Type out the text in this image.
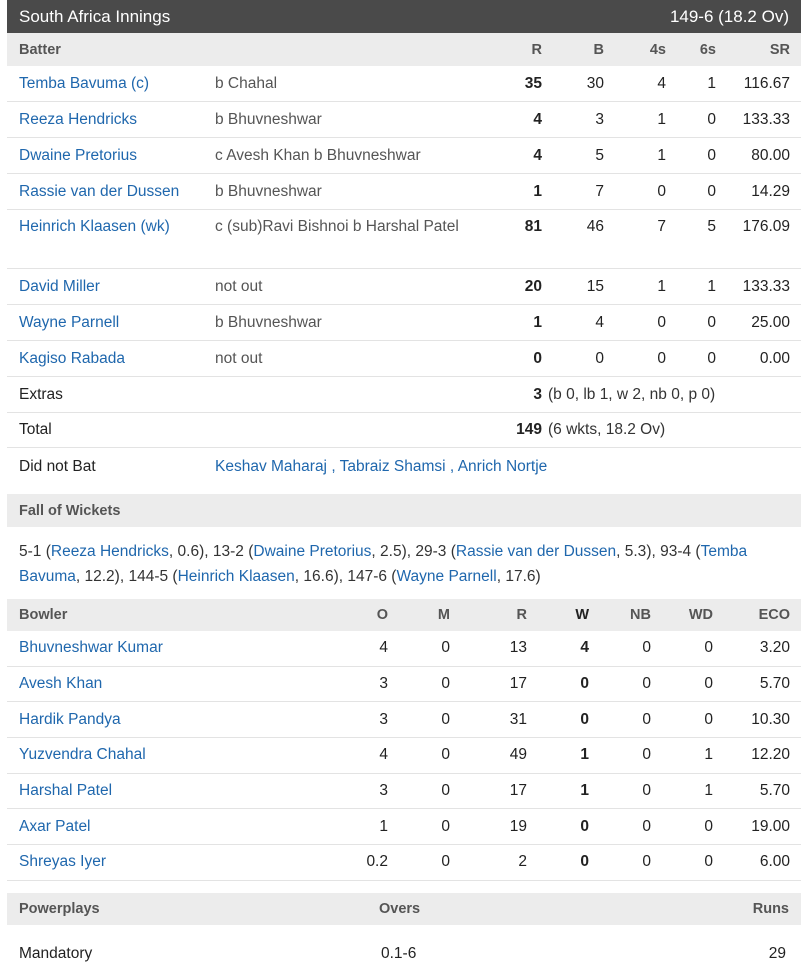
South Africa Innings	149-6 (18.2 Ov)
Batter	R	B	4s	6s	SR
Temba Bavuma (c)	b Chahal	35	30	4	1	116.67
Reeza Hendricks	b Bhuvneshwar	4	3	1	0	133.33
Dwaine Pretorius	c Avesh Khan b Bhuvneshwar	4	5	1	0	80.00
Rassie van der Dussen	b Bhuvneshwar	1	7	0	0	14.29
Heinrich Klaasen (wk)	c (sub)Ravi Bishnoi b Harshal Patel	81	46	7	5	176.09
David Miller	not out	20	15	1	1	133.33
Wayne Parnell	b Bhuvneshwar	1	4	0	0	25.00
Kagiso Rabada	not out	0	0	0	0	0.00
Extras	3 (b 0, lb 1, w 2, nb 0, p 0)
Total	149 (6 wkts, 18.2 Ov)
Did not Bat	Keshav Maharaj , Tabraiz Shamsi , Anrich Nortje
Fall of Wickets
5-1 (Reeza Hendricks, 0.6), 13-2 (Dwaine Pretorius, 2.5), 29-3 (Rassie van der Dussen, 5.3), 93-4 (Temba Bavuma, 12.2), 144-5 (Heinrich Klaasen, 16.6), 147-6 (Wayne Parnell, 17.6)
Bowler	O	M	R	W	NB	WD	ECO
Bhuvneshwar Kumar	4	0	13	4	0	0	3.20
Avesh Khan	3	0	17	0	0	0	5.70
Hardik Pandya	3	0	31	0	0	0	10.30
Yuzvendra Chahal	4	0	49	1	0	1	12.20
Harshal Patel	3	0	17	1	0	1	5.70
Axar Patel	1	0	19	0	0	0	19.00
Shreyas Iyer	0.2	0	2	0	0	0	6.00
Powerplays	Overs	Runs
Mandatory	0.1-6	29
